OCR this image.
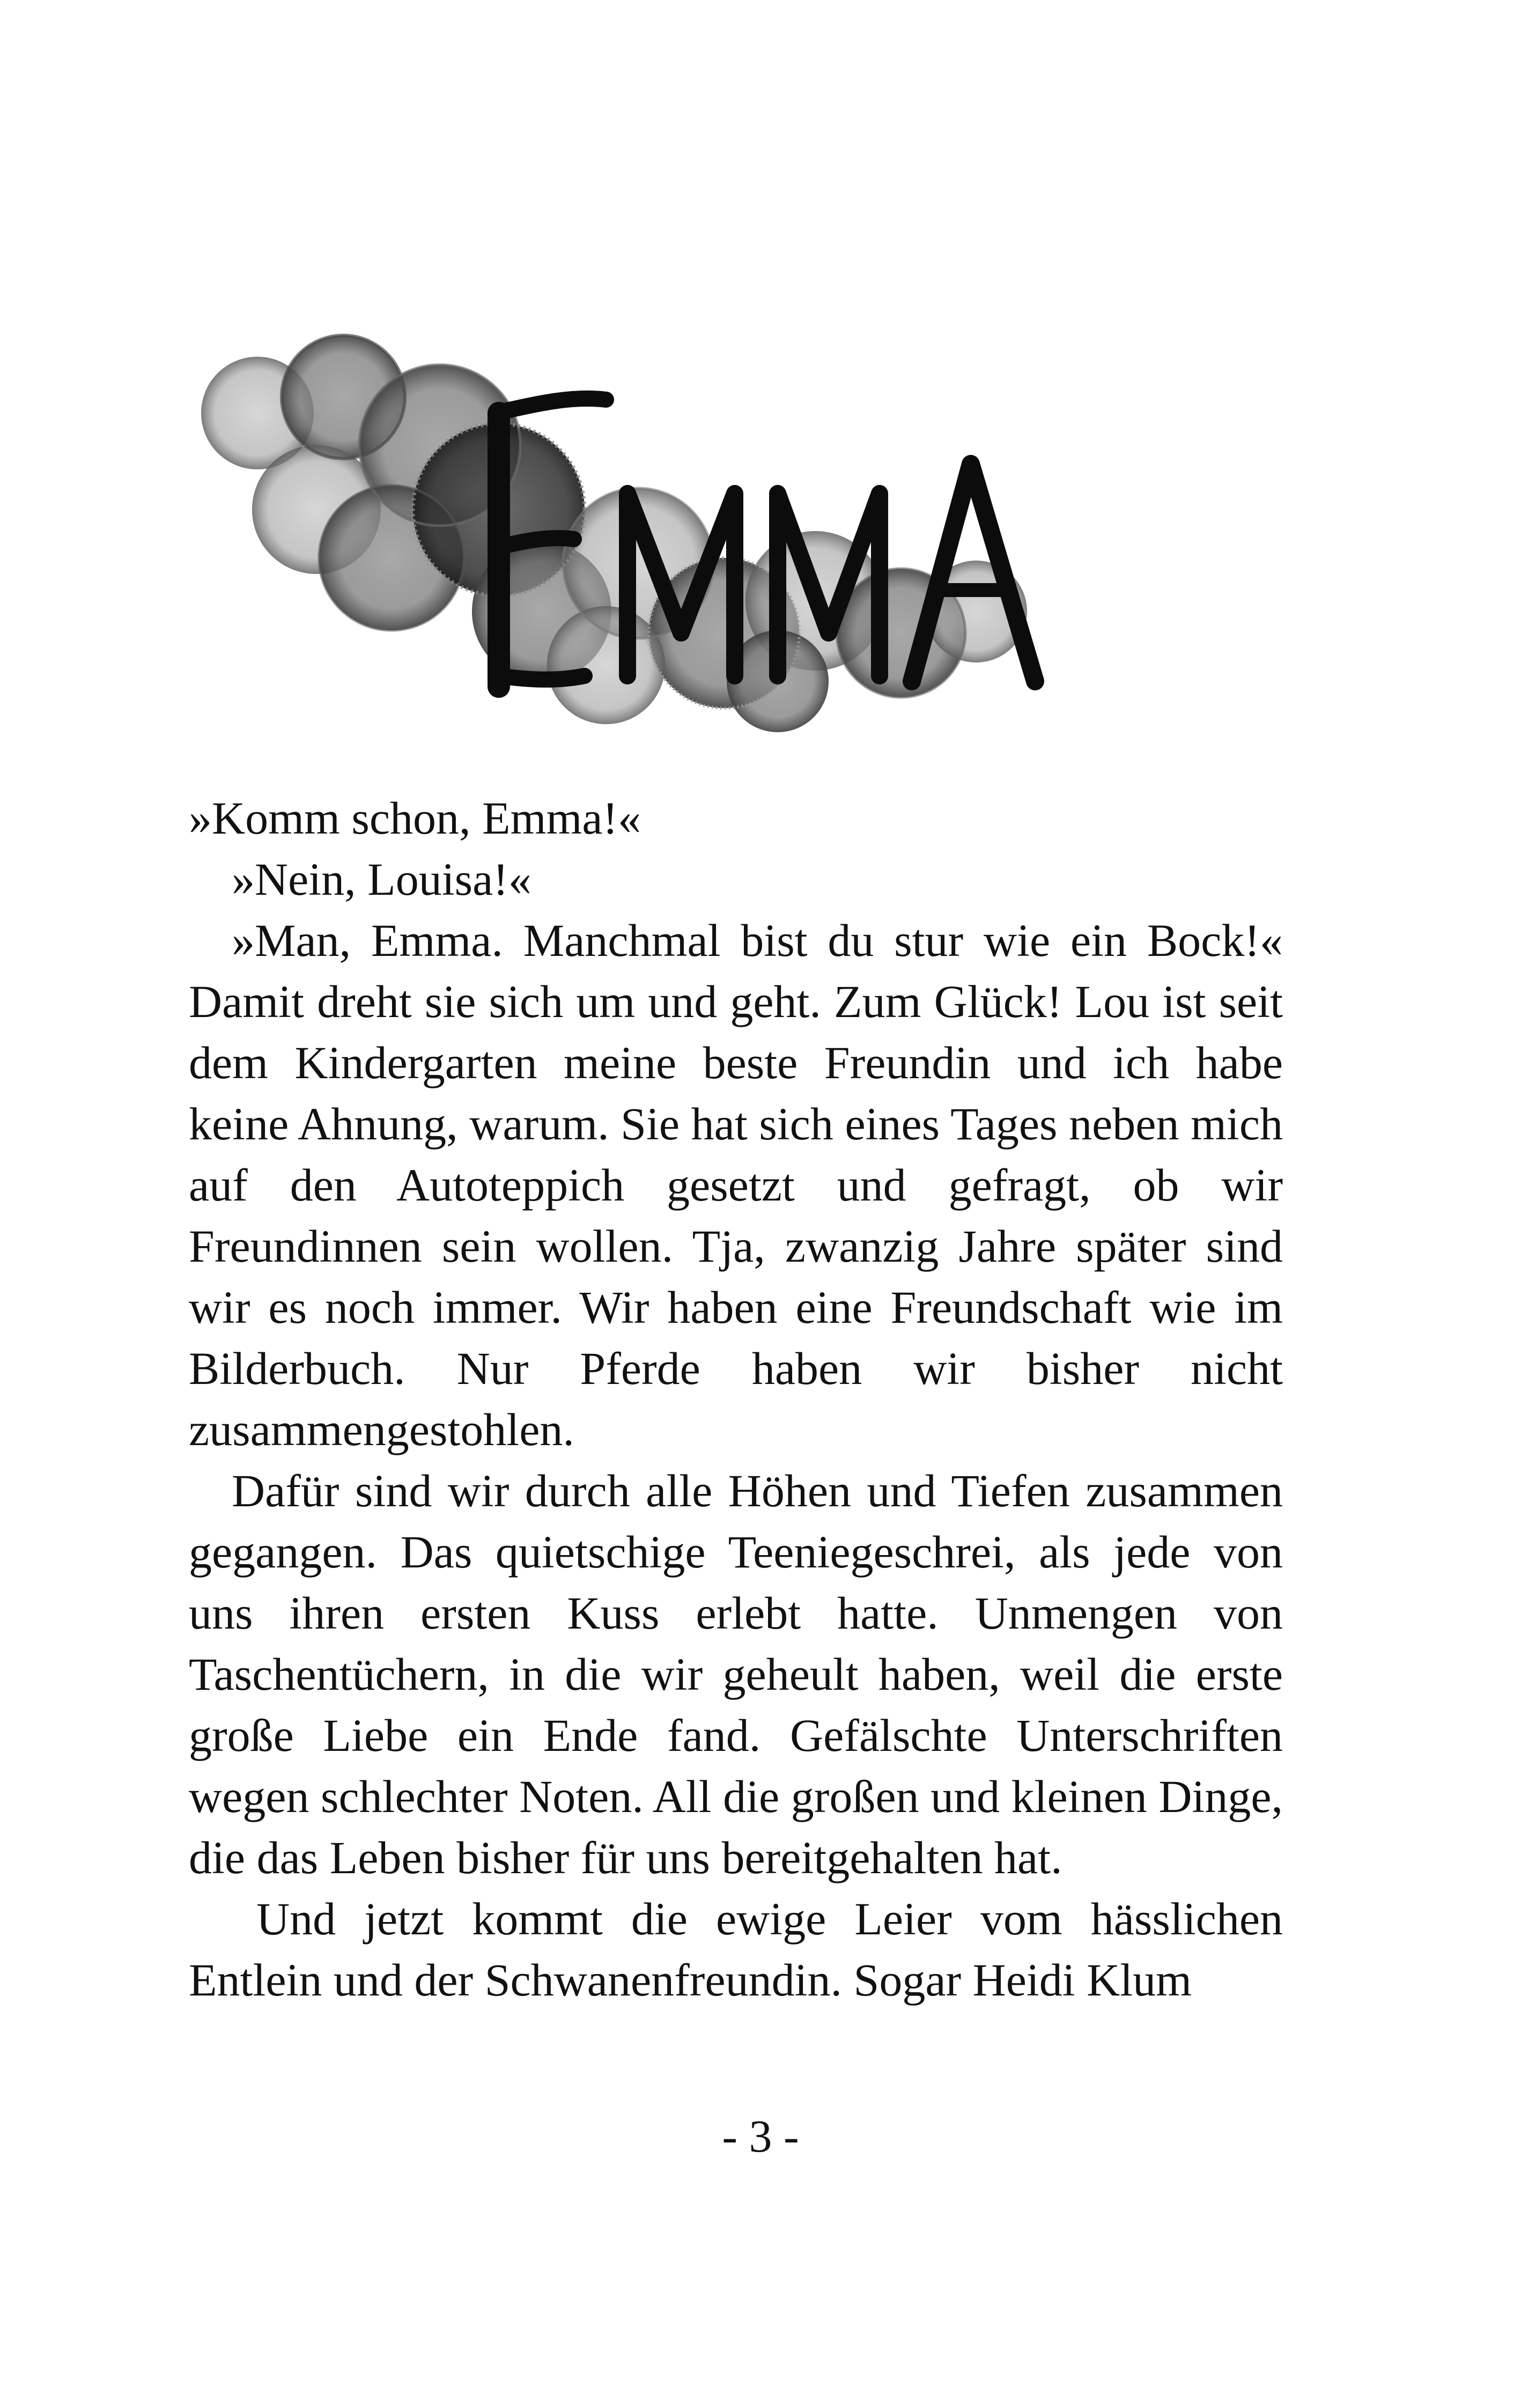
»Komm schon, Emma!«

»Nein, Louisa!«

»Man, Emma. Manchmal bist du stur wie ein Bock!« Damit dreht sie sich um und geht. Zum Glück! Lou ist seit dem Kindergarten meine beste Freundin und ich habe keine Ahnung, warum. Sie hat sich eines Tages neben mich auf den Autoteppich gesetzt und gefragt, ob wir Freundinnen sein wollen. Tja, zwanzig Jahre später sind wir es noch immer. Wir haben eine Freundschaft wie im Bilderbuch. Nur Pferde haben wir bisher nicht zusammengestohlen.

Dafür sind wir durch alle Höhen und Tiefen zusammen gegangen. Das quietschige Teeniegeschrei, als jede von uns ihren ersten Kuss erlebt hatte. Unmengen von Taschentüchern, in die wir geheult haben, weil die erste große Liebe ein Ende fand. Gefälschte Unterschriften wegen schlechter Noten. All die großen und kleinen Dinge, die das Leben bisher für uns bereitgehalten hat.

Und jetzt kommt die ewige Leier vom hässlichen Entlein und der Schwanenfreundin. Sogar Heidi Klum

- 3 -
